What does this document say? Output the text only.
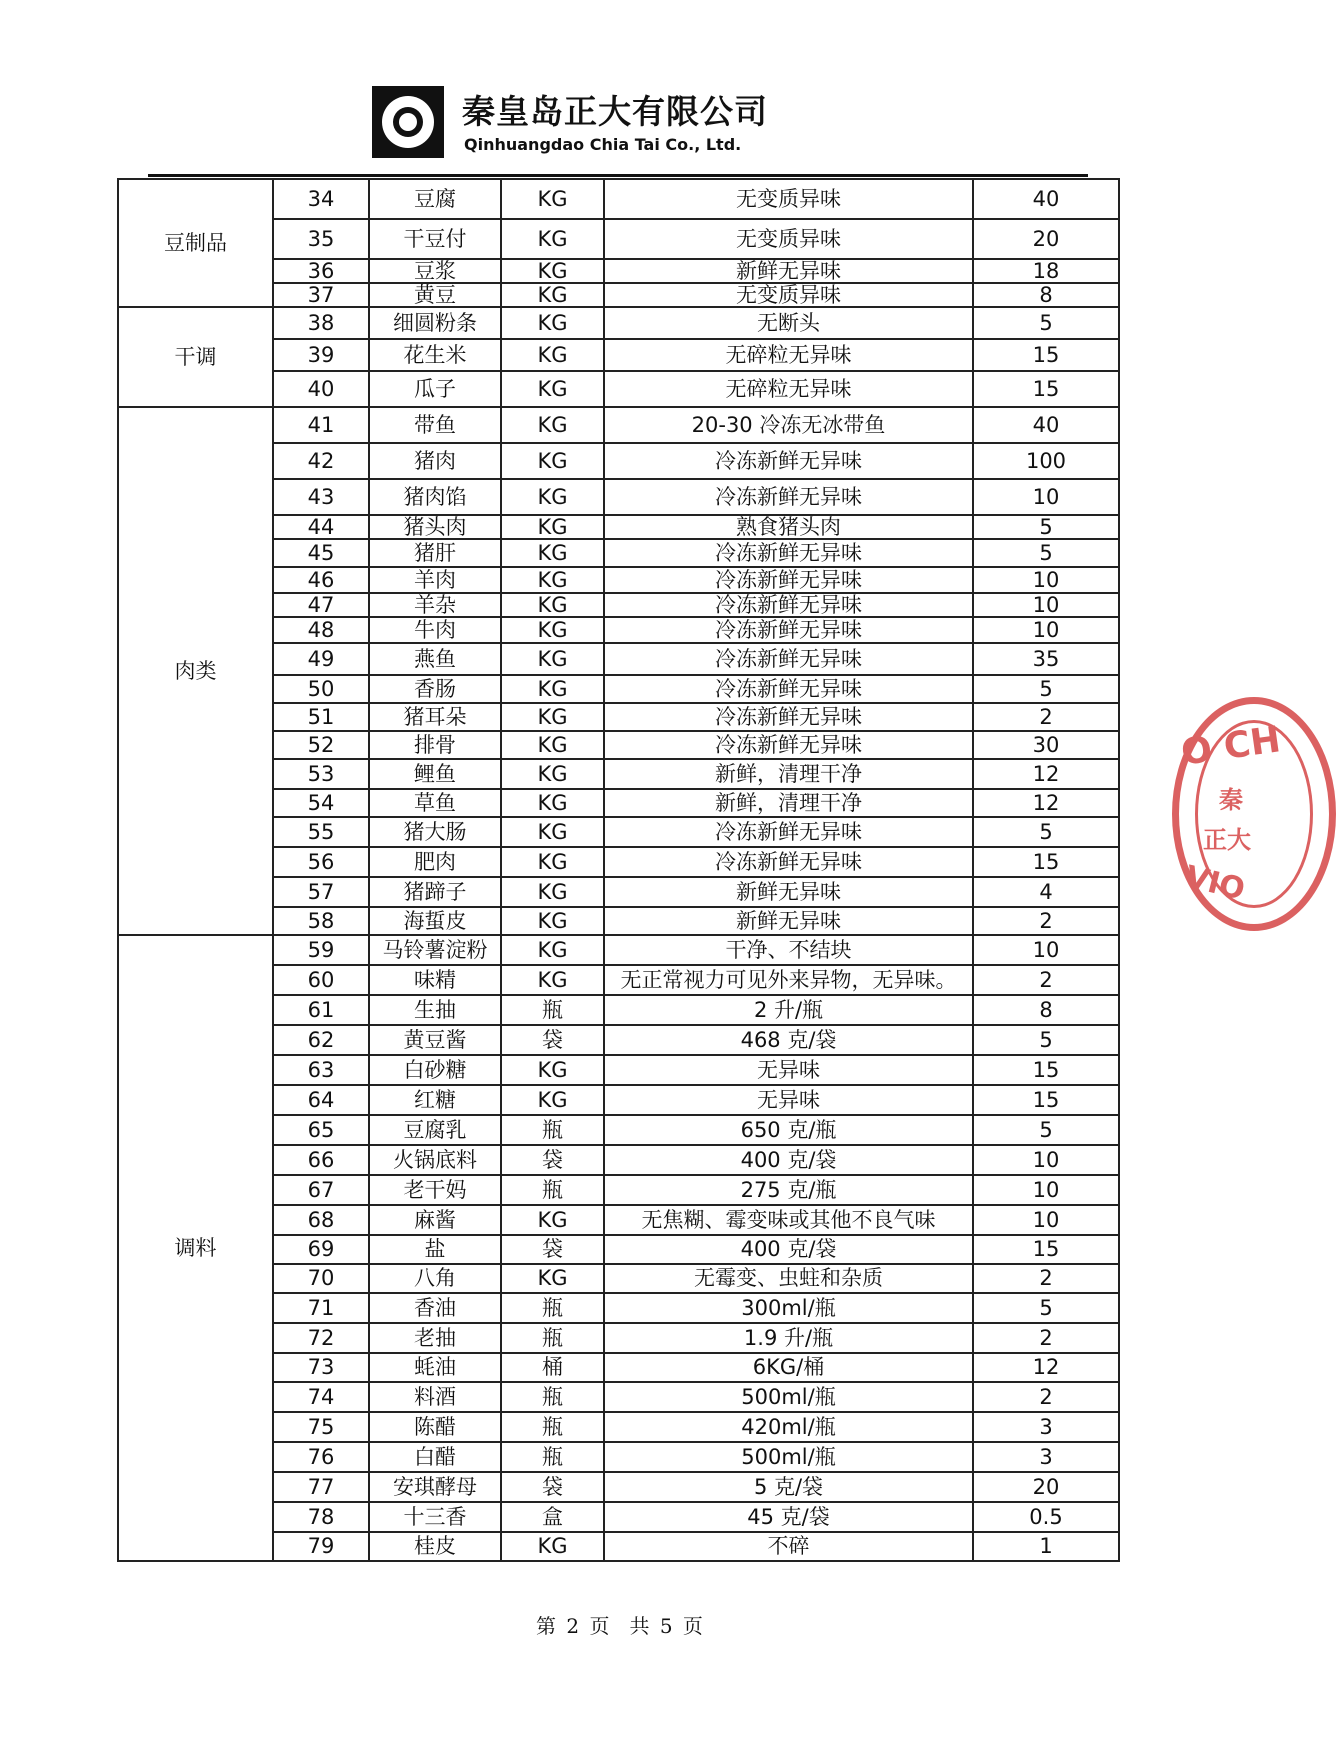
秦皇岛正大有限公司
Qinhuangdao Chia Tai Co., Ltd.
豆制品	34	豆腐	KG	无变质异味	40
	35	干豆付	KG	无变质异味	20
	36	豆浆	KG	新鲜无异味	18
	37	黄豆	KG	无变质异味	8
干调	38	细圆粉条	KG	无断头	5
	39	花生米	KG	无碎粒无异味	15
	40	瓜子	KG	无碎粒无异味	15
肉类	41	带鱼	KG	20-30 冷冻无冰带鱼	40
	42	猪肉	KG	冷冻新鲜无异味	100
	43	猪肉馅	KG	冷冻新鲜无异味	10
	44	猪头肉	KG	熟食猪头肉	5
	45	猪肝	KG	冷冻新鲜无异味	5
	46	羊肉	KG	冷冻新鲜无异味	10
	47	羊杂	KG	冷冻新鲜无异味	10
	48	牛肉	KG	冷冻新鲜无异味	10
	49	燕鱼	KG	冷冻新鲜无异味	35
	50	香肠	KG	冷冻新鲜无异味	5
	51	猪耳朵	KG	冷冻新鲜无异味	2
	52	排骨	KG	冷冻新鲜无异味	30
	53	鲤鱼	KG	新鲜，清理干净	12
	54	草鱼	KG	新鲜，清理干净	12
	55	猪大肠	KG	冷冻新鲜无异味	5
	56	肥肉	KG	冷冻新鲜无异味	15
	57	猪蹄子	KG	新鲜无异味	4
	58	海蜇皮	KG	新鲜无异味	2
调料	59	马铃薯淀粉	KG	干净、不结块	10
	60	味精	KG	无正常视力可见外来异物，无异味。	2
	61	生抽	瓶	2 升/瓶	8
	62	黄豆酱	袋	468 克/袋	5
	63	白砂糖	KG	无异味	15
	64	红糖	KG	无异味	15
	65	豆腐乳	瓶	650 克/瓶	5
	66	火锅底料	袋	400 克/袋	10
	67	老干妈	瓶	275 克/瓶	10
	68	麻酱	KG	无焦糊、霉变味或其他不良气味	10
	69	盐	袋	400 克/袋	15
	70	八角	KG	无霉变、虫蛀和杂质	2
	71	香油	瓶	300ml/瓶	5
	72	老抽	瓶	1.9 升/瓶	2
	73	蚝油	桶	6KG/桶	12
	74	料酒	瓶	500ml/瓶	2
	75	陈醋	瓶	420ml/瓶	3
	76	白醋	瓶	500ml/瓶	3
	77	安琪酵母	袋	5 克/袋	20
	78	十三香	盒	45 克/袋	0.5
	79	桂皮	KG	不碎	1
O CH
秦
正大
VIO
第 2 页　共 5 页
